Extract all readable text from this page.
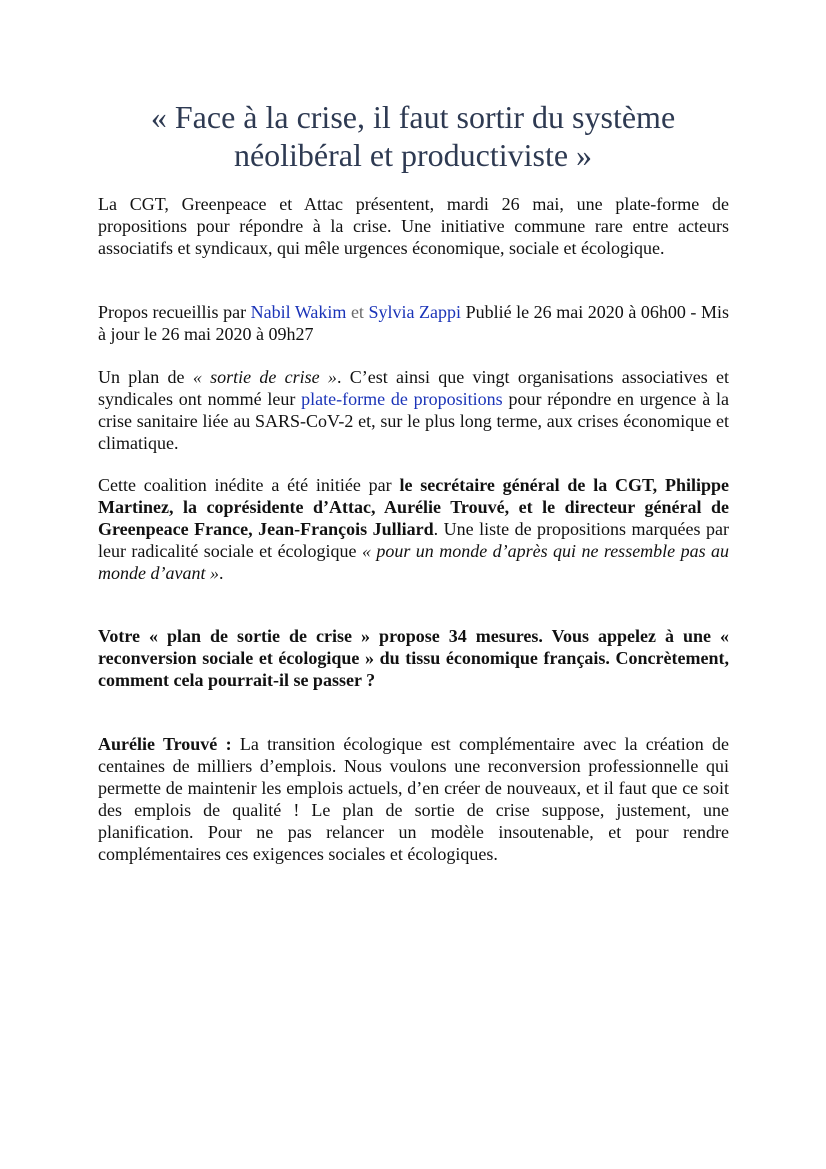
« Face à la crise, il faut sortir du système
néolibéral et productiviste »

La CGT, Greenpeace et Attac présentent, mardi 26 mai, une plate-forme de propositions pour répondre à la crise. Une initiative commune rare entre acteurs associatifs et syndicaux, qui mêle urgences économique, sociale et écologique.

Propos recueillis par Nabil Wakim et Sylvia Zappi Publié le 26 mai 2020 à 06h00 - Mis à jour le 26 mai 2020 à 09h27

Un plan de « sortie de crise ». C’est ainsi que vingt organisations associatives et syndicales ont nommé leur plate-forme de propositions pour répondre en urgence à la crise sanitaire liée au SARS-CoV-2 et, sur le plus long terme, aux crises économique et climatique.

Cette coalition inédite a été initiée par le secrétaire général de la CGT, Philippe Martinez, la coprésidente d’Attac, Aurélie Trouvé, et le directeur général de Greenpeace France, Jean-François Julliard. Une liste de propositions marquées par leur radicalité sociale et écologique « pour un monde d’après qui ne ressemble pas au monde d’avant ».

Votre « plan de sortie de crise » propose 34 mesures. Vous appelez à une « reconversion sociale et écologique » du tissu économique français. Concrètement, comment cela pourrait-il se passer ?

Aurélie Trouvé : La transition écologique est complémentaire avec la création de centaines de milliers d’emplois. Nous voulons une reconversion professionnelle qui permette de maintenir les emplois actuels, d’en créer de nouveaux, et il faut que ce soit des emplois de qualité ! Le plan de sortie de crise suppose, justement, une planification. Pour ne pas relancer un modèle insoutenable, et pour rendre complémentaires ces exigences sociales et écologiques.
